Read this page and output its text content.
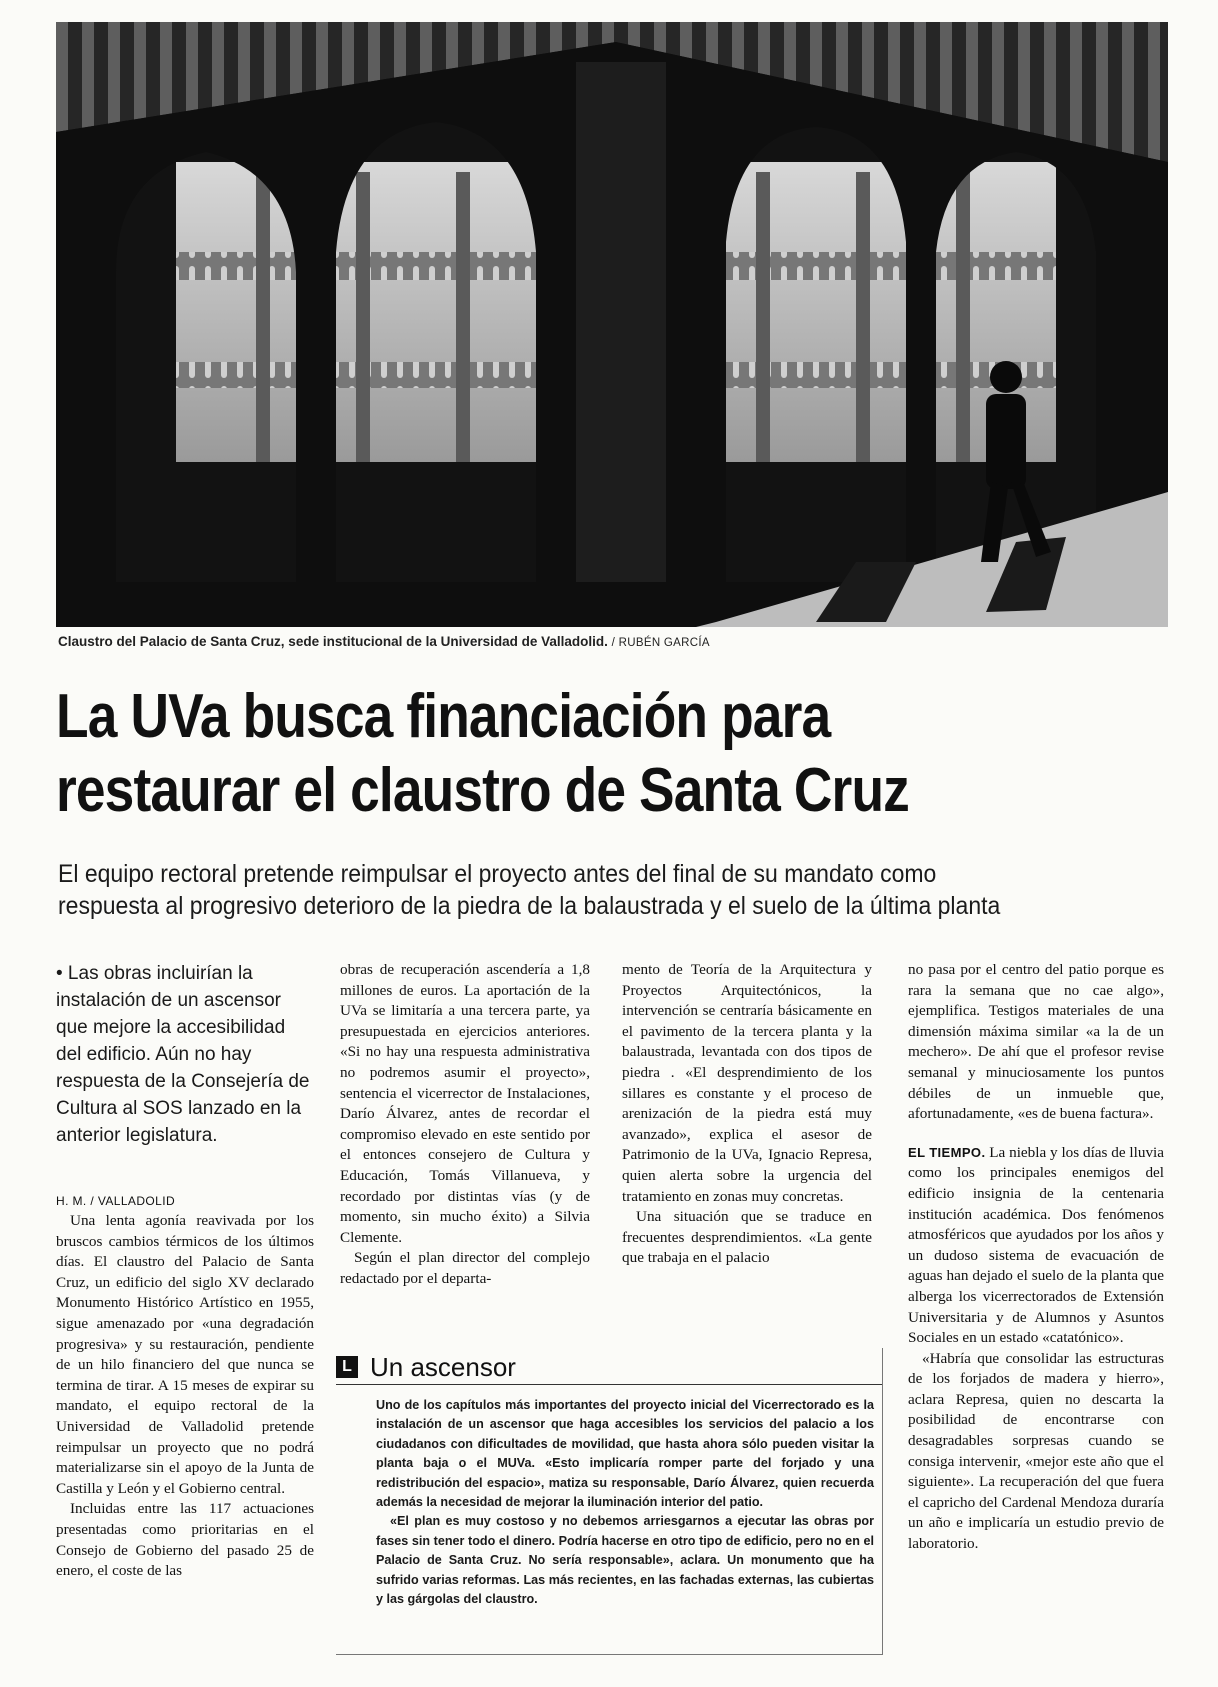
Claustro del Palacio de Santa Cruz, sede institucional de la Universidad de Valladolid. / RUBÉN GARCÍA
La UVa busca financiación para
restaurar el claustro de Santa Cruz
El equipo rectoral pretende reimpulsar el proyecto antes del final de su mandato como
respuesta al progresivo deterioro de la piedra de la balaustrada y el suelo de la última planta

• Las obras incluirían la instalación de un ascensor que mejore la accesibilidad del edificio. Aún no hay respuesta de la Consejería de Cultura al SOS lanzado en la anterior legislatura.

H. M. / VALLADOLID

Una lenta agonía reavivada por los bruscos cambios térmicos de los últimos días. El claustro del Palacio de Santa Cruz, un edificio del siglo XV declarado Monumento Histórico Artístico en 1955, sigue amenazado por «una degradación progresiva» y su restauración, pendiente de un hilo financiero del que nunca se termina de tirar. A 15 meses de expirar su mandato, el equipo rectoral de la Universidad de Valladolid pretende reimpulsar un proyecto que no podrá materializarse sin el apoyo de la Junta de Castilla y León y el Gobierno central.

Incluidas entre las 117 actuaciones presentadas como prioritarias en el Consejo de Gobierno del pasado 25 de enero, el coste de las

obras de recuperación ascendería a 1,8 millones de euros. La aportación de la UVa se limitaría a una tercera parte, ya presupuestada en ejercicios anteriores. «Si no hay una respuesta administrativa no podremos asumir el proyecto», sentencia el vicerrector de Instalaciones, Darío Álvarez, antes de recordar el compromiso elevado en este sentido por el entonces consejero de Cultura y Educación, Tomás Villanueva, y recordado por distintas vías (y de momento, sin mucho éxito) a Silvia Clemente.

Según el plan director del complejo redactado por el departa-

mento de Teoría de la Arquitectura y Proyectos Arquitectónicos, la intervención se centraría básicamente en el pavimento de la tercera planta y la balaustrada, levantada con dos tipos de piedra . «El desprendimiento de los sillares es constante y el proceso de arenización de la piedra está muy avanzado», explica el asesor de Patrimonio de la UVa, Ignacio Represa, quien alerta sobre la urgencia del tratamiento en zonas muy concretas.

Una situación que se traduce en frecuentes desprendimientos. «La gente que trabaja en el palacio

no pasa por el centro del patio porque es rara la semana que no cae algo», ejemplifica. Testigos materiales de una dimensión máxima similar «a la de un mechero». De ahí que el profesor revise semanal y minuciosamente los puntos débiles de un inmueble que, afortunadamente, «es de buena factura».

EL TIEMPO. La niebla y los días de lluvia como los principales enemigos del edificio insignia de la centenaria institución académica. Dos fenómenos atmosféricos que ayudados por los años y un dudoso sistema de evacuación de aguas han dejado el suelo de la planta que alberga los vicerrectorados de Extensión Universitaria y de Alumnos y Asuntos Sociales en un estado «catatónico».

«Habría que consolidar las estructuras de los forjados de madera y hierro», aclara Represa, quien no descarta la posibilidad de encontrarse con desagradables sorpresas cuando se consiga intervenir, «mejor este año que el siguiente». La recuperación del que fuera el capricho del Cardenal Mendoza duraría un año e implicaría un estudio previo de laboratorio.

L Un ascensor

Uno de los capítulos más importantes del proyecto inicial del Vicerrectorado es la instalación de un ascensor que haga accesibles los servicios del palacio a los ciudadanos con dificultades de movilidad, que hasta ahora sólo pueden visitar la planta baja o el MUVa. «Esto implicaría romper parte del forjado y una redistribución del espacio», matiza su responsable, Darío Álvarez, quien recuerda además la necesidad de mejorar la iluminación interior del patio.

«El plan es muy costoso y no debemos arriesgarnos a ejecutar las obras por fases sin tener todo el dinero. Podría hacerse en otro tipo de edificio, pero no en el Palacio de Santa Cruz. No sería responsable», aclara. Un monumento que ha sufrido varias reformas. Las más recientes, en las fachadas externas, las cubiertas y las gárgolas del claustro.
